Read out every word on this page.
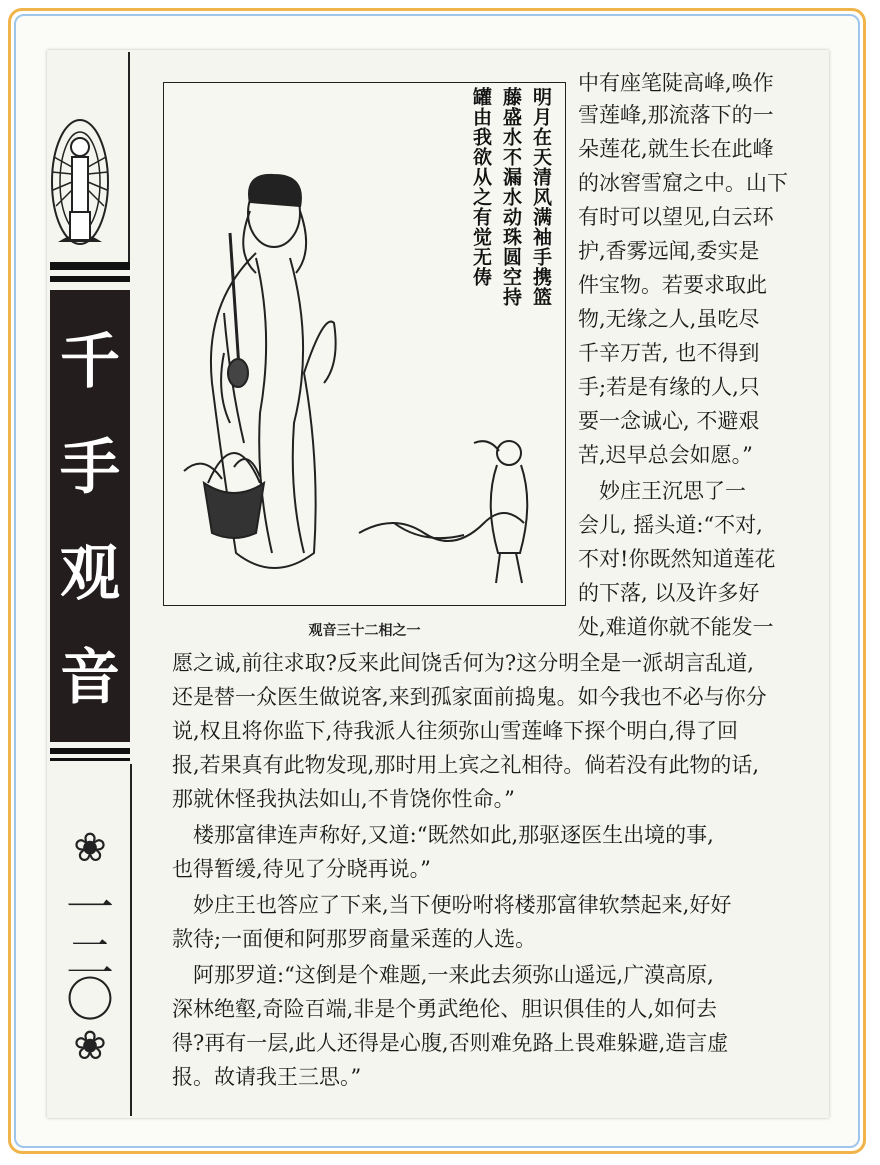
千
手
观
音
❀
一
二
〇
❀
明月在天清风满袖手携篮
藤盛水不漏水动珠圆空持
罐由我欲从之有觉无俦
观音三十二相之一
中有座笔陡高峰,唤作
雪莲峰,那流落下的一
朵莲花,就生长在此峰
的冰窖雪窟之中。山下
有时可以望见,白云环
护,香雾远闻,委实是
件宝物。若要求取此
物,无缘之人,虽吃尽
千辛万苦, 也不得到
手;若是有缘的人,只
要一念诚心, 不避艰
苦,迟早总会如愿。”
　妙庄王沉思了一
会儿, 摇头道:“不对,
不对!你既然知道莲花
的下落, 以及许多好
处,难道你就不能发一
愿之诚,前往求取?反来此间饶舌何为?这分明全是一派胡言乱道,
还是替一众医生做说客,来到孤家面前捣鬼。如今我也不必与你分
说,权且将你监下,待我派人往须弥山雪莲峰下探个明白,得了回
报,若果真有此物发现,那时用上宾之礼相待。倘若没有此物的话,
那就休怪我执法如山,不肯饶你性命。”
　楼那富律连声称好,又道:“既然如此,那驱逐医生出境的事,
也得暂缓,待见了分晓再说。”
　妙庄王也答应了下来,当下便吩咐将楼那富律软禁起来,好好
款待;一面便和阿那罗商量采莲的人选。
　阿那罗道:“这倒是个难题,一来此去须弥山遥远,广漠高原,
深林绝壑,奇险百端,非是个勇武绝伦、胆识俱佳的人,如何去
得?再有一层,此人还得是心腹,否则难免路上畏难躲避,造言虚
报。故请我王三思。”
